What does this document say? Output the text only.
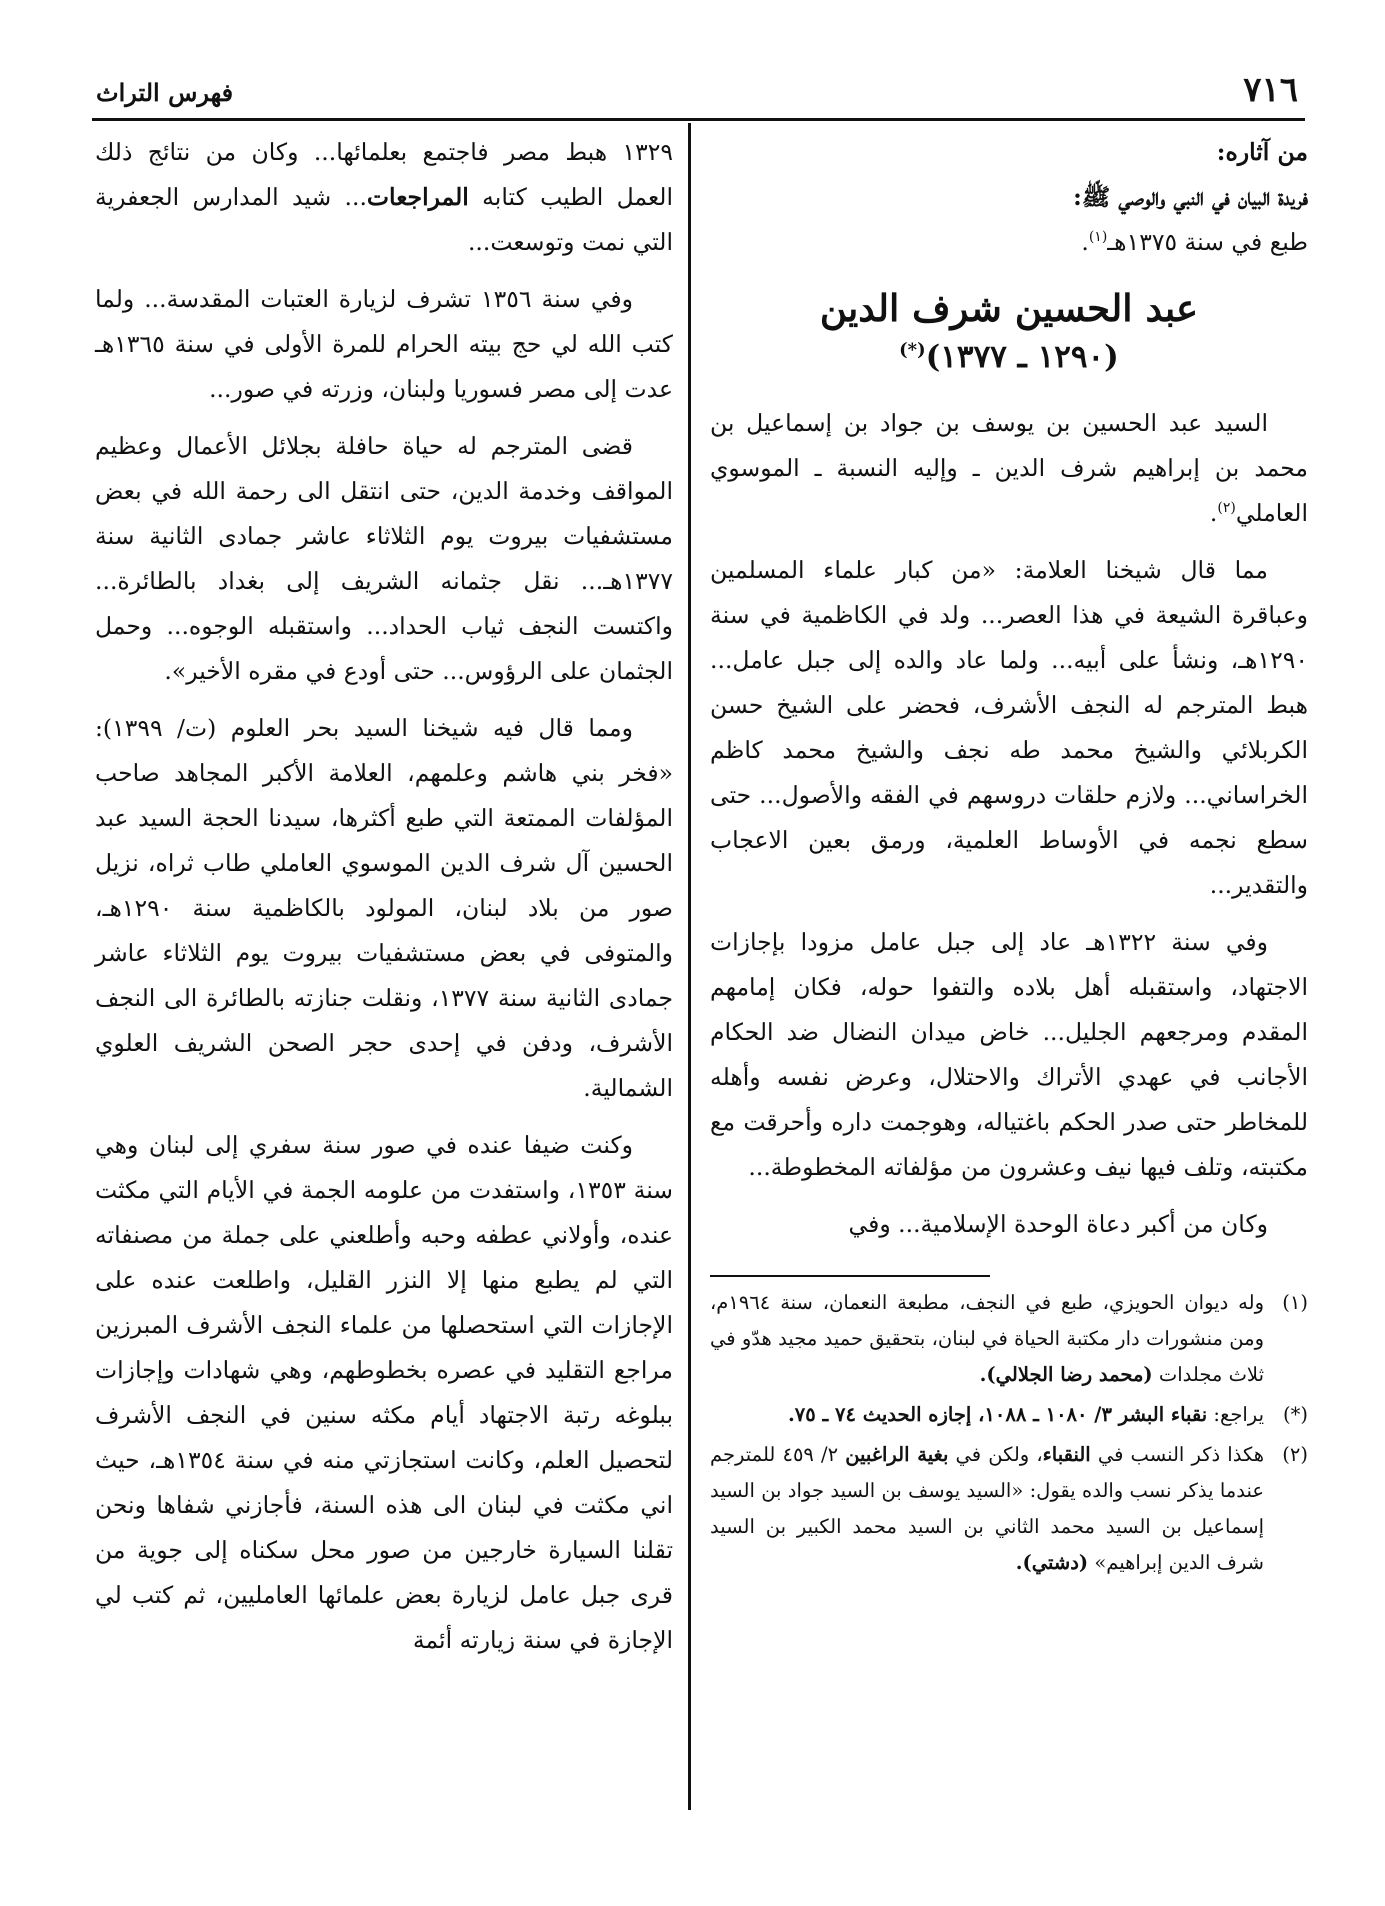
٧١٦
فهرس التراث

من آثاره:

فريدة البيان في النبي والوصي ﷺ:

طبع في سنة ١٣٧٥هـ$^{(١)}$.

عبد الحسين شرف الدين
(١٢٩٠ ـ ١٣٧٧)(*)

السيد عبد الحسين بن يوسف بن جواد بن إسماعيل بن محمد بن إبراهيم شرف الدين ـ وإليه النسبة ـ الموسوي العاملي$^{(٢)}$.

مما قال شيخنا العلامة: «من كبار علماء المسلمين وعباقرة الشيعة في هذا العصر... ولد في الكاظمية في سنة ١٢٩٠هـ، ونشأ على أبيه... ولما عاد والده إلى جبل عامل... هبط المترجم له النجف الأشرف، فحضر على الشيخ حسن الكربلائي والشيخ محمد طه نجف والشيخ محمد كاظم الخراساني... ولازم حلقات دروسهم في الفقه والأصول... حتى سطع نجمه في الأوساط العلمية، ورمق بعين الاعجاب والتقدير...

وفي سنة ١٣٢٢هـ عاد إلى جبل عامل مزودا بإجازات الاجتهاد، واستقبله أهل بلاده والتفوا حوله، فكان إمامهم المقدم ومرجعهم الجليل... خاض ميدان النضال ضد الحكام الأجانب في عهدي الأتراك والاحتلال، وعرض نفسه وأهله للمخاطر حتى صدر الحكم باغتياله، وهوجمت داره وأحرقت مع مكتبته، وتلف فيها نيف وعشرون من مؤلفاته المخطوطة...

وكان من أكبر دعاة الوحدة الإسلامية... وفي

(١)
وله ديوان الحويزي، طبع في النجف، مطبعة النعمان، سنة ١٩٦٤م، ومن منشورات دار مكتبة الحياة في لبنان، بتحقيق حميد مجيد هدّو في ثلاث مجلدات (محمد رضا الجلالي).
(*)
يراجع: نقباء البشر ٣/ ١٠٨٠ ـ ١٠٨٨، إجازه الحديث ٧٤ ـ ٧٥.
(٢)
هكذا ذكر النسب في النقباء، ولكن في بغية الراغبين ٢/ ٤٥٩ للمترجم عندما يذكر نسب والده يقول: «السيد يوسف بن السيد جواد بن السيد إسماعيل بن السيد محمد الثاني بن السيد محمد الكبير بن السيد شرف الدين إبراهيم» (دشتي).

١٣٢٩ هبط مصر فاجتمع بعلمائها... وكان من نتائج ذلك العمل الطيب كتابه المراجعات... شيد المدارس الجعفرية التي نمت وتوسعت...

وفي سنة ١٣٥٦ تشرف لزيارة العتبات المقدسة... ولما كتب الله لي حج بيته الحرام للمرة الأولى في سنة ١٣٦٥هـ عدت إلى مصر فسوريا ولبنان، وزرته في صور...

قضى المترجم له حياة حافلة بجلائل الأعمال وعظيم المواقف وخدمة الدين، حتى انتقل الى رحمة الله في بعض مستشفيات بيروت يوم الثلاثاء عاشر جمادى الثانية سنة ١٣٧٧هـ... نقل جثمانه الشريف إلى بغداد بالطائرة... واكتست النجف ثياب الحداد... واستقبله الوجوه... وحمل الجثمان على الرؤوس... حتى أودع في مقره الأخير».

ومما قال فيه شيخنا السيد بحر العلوم (ت/ ١٣٩٩): «فخر بني هاشم وعلمهم، العلامة الأكبر المجاهد صاحب المؤلفات الممتعة التي طبع أكثرها، سيدنا الحجة السيد عبد الحسين آل شرف الدين الموسوي العاملي طاب ثراه، نزيل صور من بلاد لبنان، المولود بالكاظمية سنة ١٢٩٠هـ، والمتوفى في بعض مستشفيات بيروت يوم الثلاثاء عاشر جمادى الثانية سنة ١٣٧٧، ونقلت جنازته بالطائرة الى النجف الأشرف، ودفن في إحدى حجر الصحن الشريف العلوي الشمالية.

وكنت ضيفا عنده في صور سنة سفري إلى لبنان وهي سنة ١٣٥٣، واستفدت من علومه الجمة في الأيام التي مكثت عنده، وأولاني عطفه وحبه وأطلعني على جملة من مصنفاته التي لم يطبع منها إلا النزر القليل، واطلعت عنده على الإجازات التي استحصلها من علماء النجف الأشرف المبرزين مراجع التقليد في عصره بخطوطهم، وهي شهادات وإجازات ببلوغه رتبة الاجتهاد أيام مكثه سنين في النجف الأشرف لتحصيل العلم، وكانت استجازتي منه في سنة ١٣٥٤هـ، حيث اني مكثت في لبنان الى هذه السنة، فأجازني شفاها ونحن تقلنا السيارة خارجين من صور محل سكناه إلى جوية من قرى جبل عامل لزيارة بعض علمائها العامليين، ثم كتب لي الإجازة في سنة زيارته أئمة
